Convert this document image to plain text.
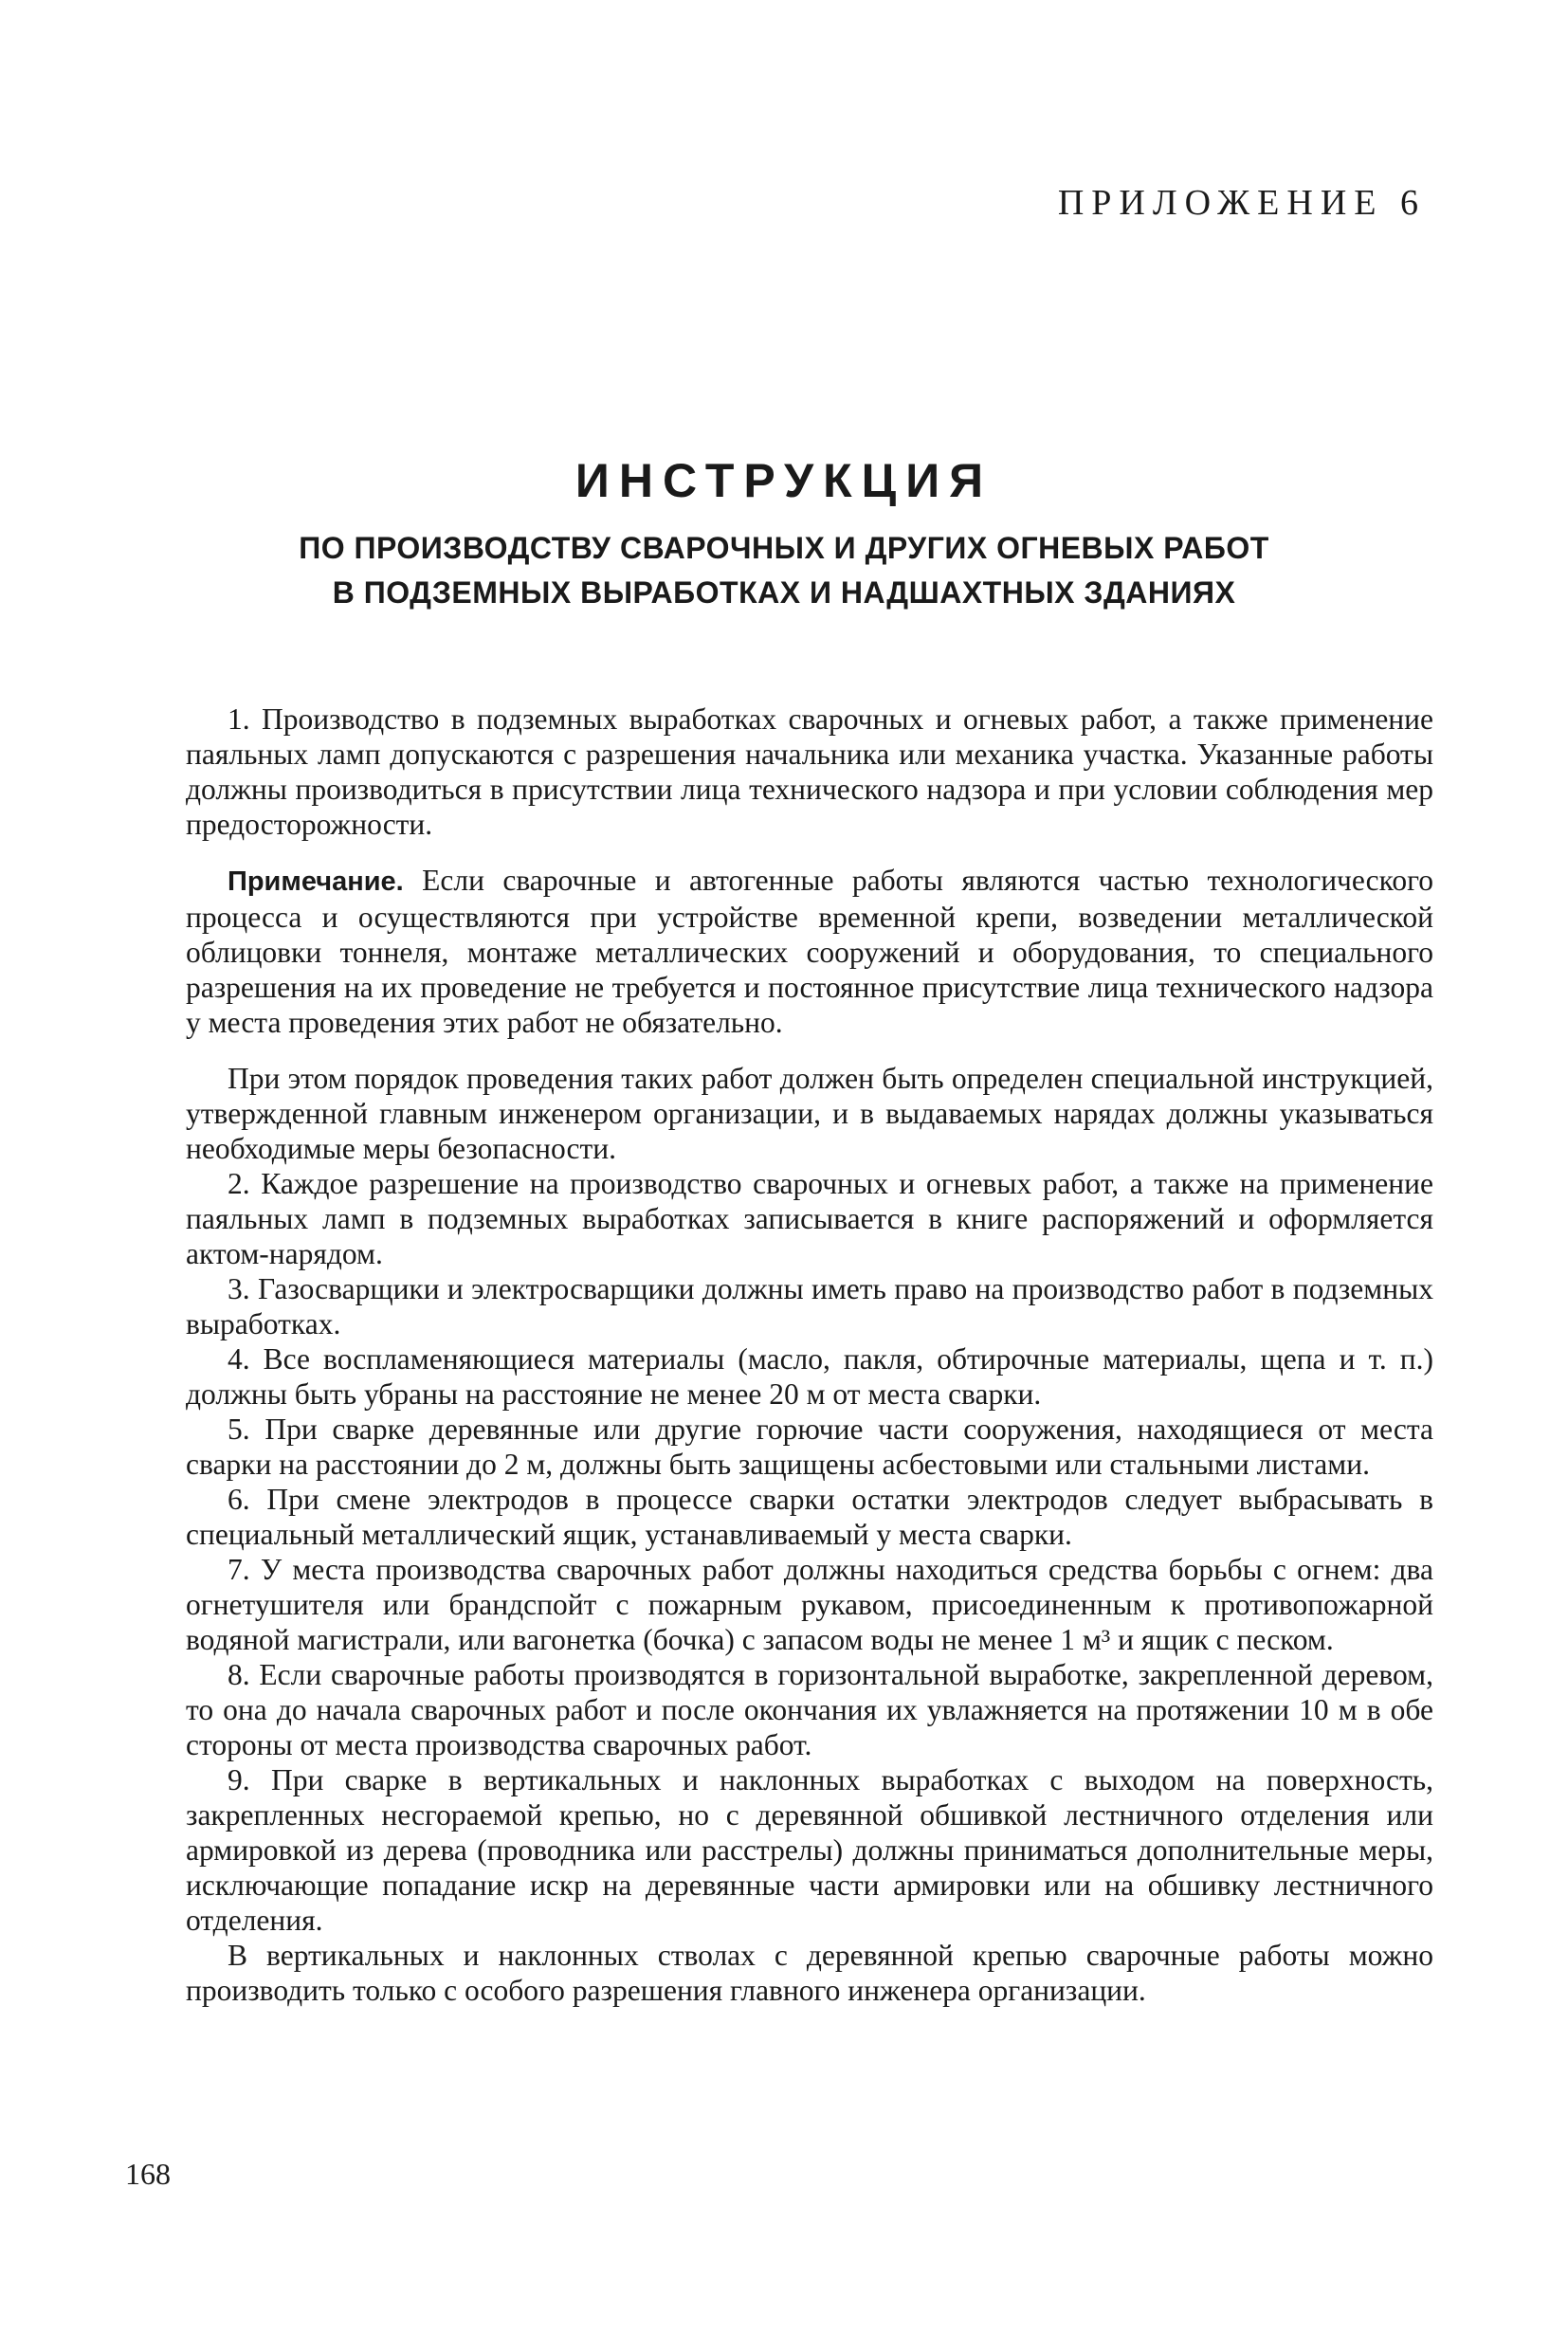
ПРИЛОЖЕНИЕ 6
ИНСТРУКЦИЯ
ПО ПРОИЗВОДСТВУ СВАРОЧНЫХ И ДРУГИХ ОГНЕВЫХ РАБОТ
В ПОДЗЕМНЫХ ВЫРАБОТКАХ И НАДШАХТНЫХ ЗДАНИЯХ

1. Производство в подземных выработках сварочных и огневых работ, а также применение паяльных ламп допускаются с разрешения начальника или механика участка. Указанные работы должны производиться в присутствии лица технического надзора и при условии соблюдения мер предосторожности.

Примечание. Если сварочные и автогенные работы являются частью технологического процесса и осуществляются при устройстве временной крепи, возведении металлической облицовки тоннеля, монтаже металлических сооружений и оборудования, то специального разрешения на их проведение не требуется и постоянное присутствие лица технического надзора у места проведения этих работ не обязательно.

При этом порядок проведения таких работ должен быть определен специальной инструкцией, утвержденной главным инженером организации, и в выдаваемых нарядах должны указываться необходимые меры безопасности.

2. Каждое разрешение на производство сварочных и огневых работ, а также на применение паяльных ламп в подземных выработках записывается в книге распоряжений и оформляется актом-нарядом.

3. Газосварщики и электросварщики должны иметь право на производство работ в подземных выработках.

4. Все воспламеняющиеся материалы (масло, пакля, обтирочные материалы, щепа и т. п.) должны быть убраны на расстояние не менее 20 м от места сварки.

5. При сварке деревянные или другие горючие части сооружения, находящиеся от места сварки на расстоянии до 2 м, должны быть защищены асбестовыми или стальными листами.

6. При смене электродов в процессе сварки остатки электродов следует выбрасывать в специальный металлический ящик, устанавливаемый у места сварки.

7. У места производства сварочных работ должны находиться средства борьбы с огнем: два огнетушителя или брандспойт с пожарным рукавом, присоединенным к противопожарной водяной магистрали, или вагонетка (бочка) с запасом воды не менее 1 м³ и ящик с песком.

8. Если сварочные работы производятся в горизонтальной выработке, закрепленной деревом, то она до начала сварочных работ и после окончания их увлажняется на протяжении 10 м в обе стороны от места производства сварочных работ.

9. При сварке в вертикальных и наклонных выработках с выходом на поверхность, закрепленных несгораемой крепью, но с деревянной обшивкой лестничного отделения или армировкой из дерева (проводника или расстрелы) должны приниматься дополнительные меры, исключающие попадание искр на деревянные части армировки или на обшивку лестничного отделения.

В вертикальных и наклонных стволах с деревянной крепью сварочные работы можно производить только с особого разрешения главного инженера организации.

168
